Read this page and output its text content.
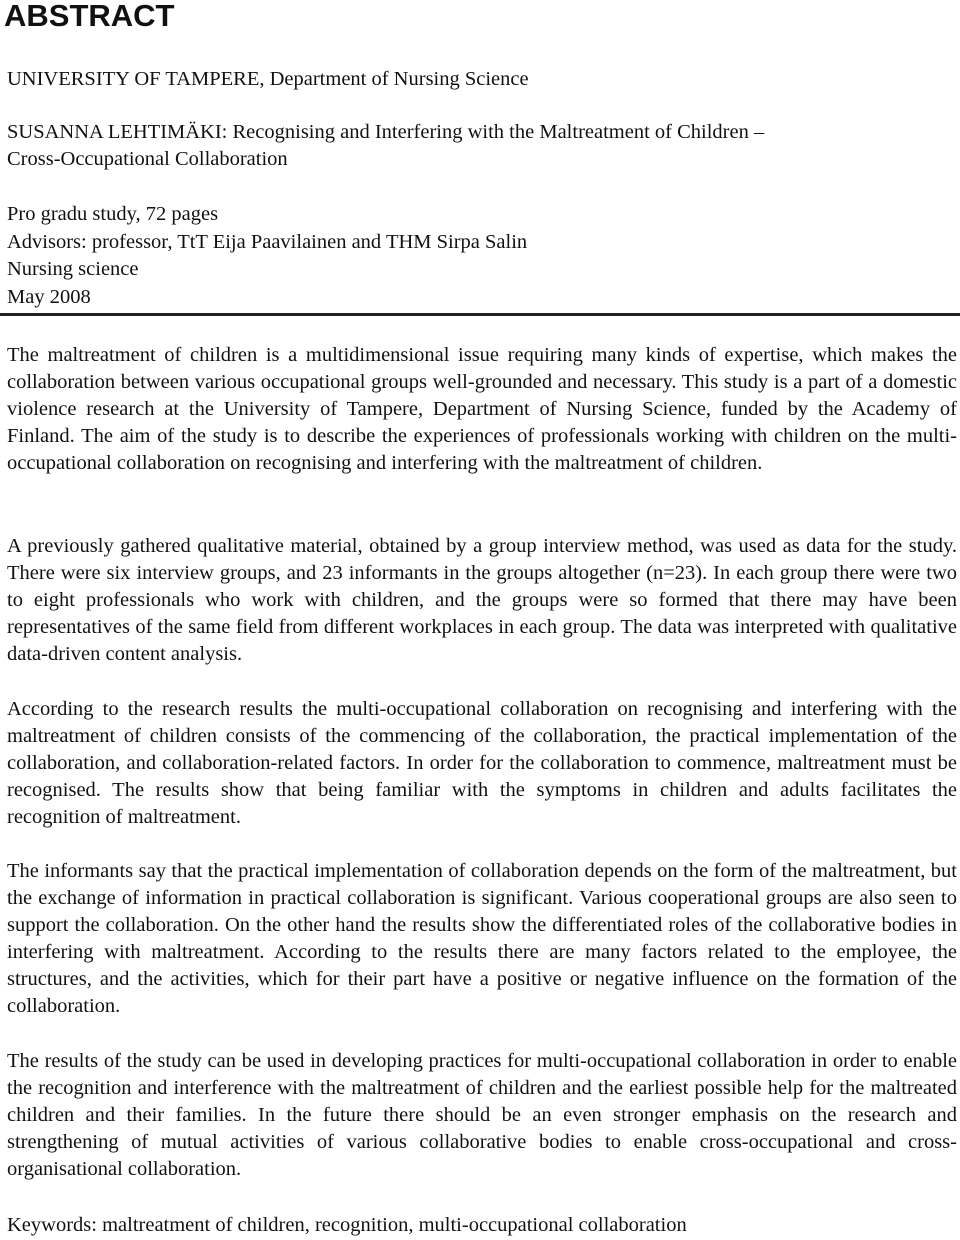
ABSTRACT

UNIVERSITY OF TAMPERE, Department of Nursing Science

SUSANNA LEHTIMÄKI: Recognising and Interfering with the Maltreatment of Children –

Cross-Occupational Collaboration

Pro gradu study, 72 pages

Advisors: professor, TtT Eija Paavilainen and THM Sirpa Salin

Nursing science

May 2008

The maltreatment of children is a multidimensional issue requiring many kinds of expertise, which makes the collaboration between various occupational groups well-grounded and necessary. This study is a part of a domestic violence research at the University of Tampere, Department of Nursing Science, funded by the Academy of Finland. The aim of the study is to describe the experiences of professionals working with children on the multi-occupational collaboration on recognising and interfering with the maltreatment of children.

A previously gathered qualitative material, obtained by a group interview method, was used as data for the study. There were six interview groups, and 23 informants in the groups altogether (n=23). In each group there were two to eight professionals who work with children, and the groups were so formed that there may have been representatives of the same field from different workplaces in each group. The data was interpreted with qualitative data-driven content analysis.

According to the research results the multi-occupational collaboration on recognising and interfering with the maltreatment of children consists of the commencing of the collaboration, the practical implementation of the collaboration, and collaboration-related factors. In order for the collaboration to commence, maltreatment must be recognised. The results show that being familiar with the symptoms in children and adults facilitates the recognition of maltreatment.

The informants say that the practical implementation of collaboration depends on the form of the maltreatment, but the exchange of information in practical collaboration is significant. Various cooperational groups are also seen to support the collaboration. On the other hand the results show the differentiated roles of the collaborative bodies in interfering with maltreatment. According to the results there are many factors related to the employee, the structures, and the activities, which for their part have a positive or negative influence on the formation of the collaboration.

The results of the study can be used in developing practices for multi-occupational collaboration in order to enable the recognition and interference with the maltreatment of children and the earliest possible help for the maltreated children and their families. In the future there should be an even stronger emphasis on the research and strengthening of mutual activities of various collaborative bodies to enable cross-occupational and cross-organisational collaboration.

Keywords: maltreatment of children, recognition, multi-occupational collaboration
